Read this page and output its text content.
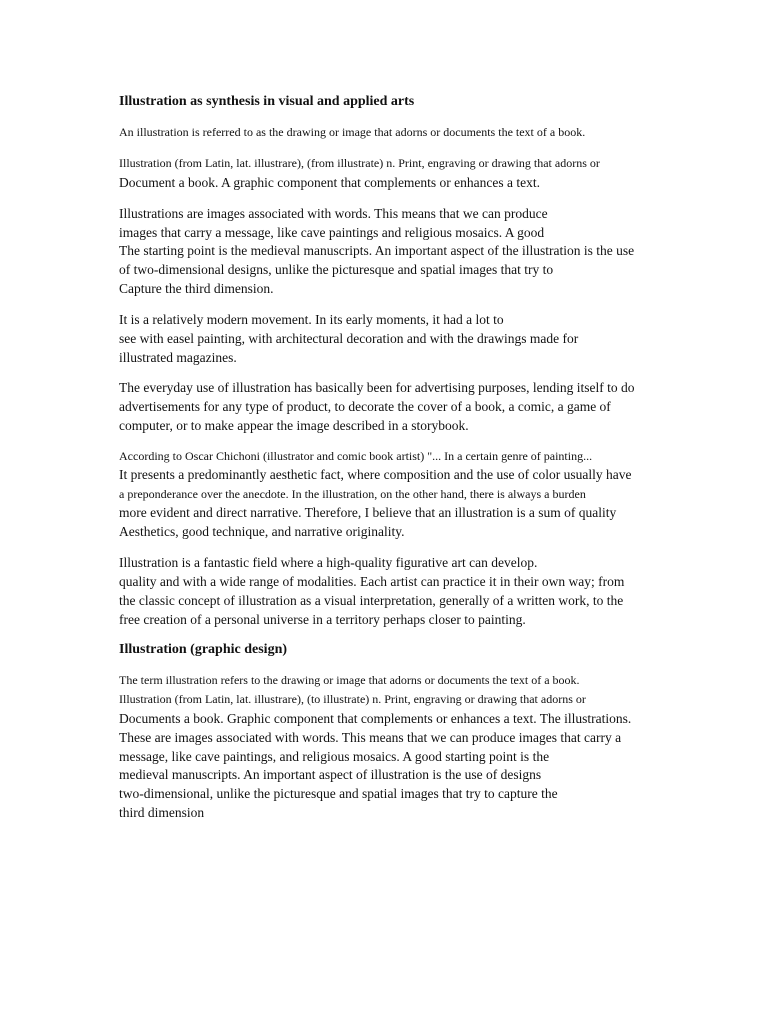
Illustration as synthesis in visual and applied arts
An illustration is referred to as the drawing or image that adorns or documents the text of a book.
Illustration (from Latin, lat. illustrare), (from illustrate) n. Print, engraving or drawing that adorns or
Document a book. A graphic component that complements or enhances a text.
Illustrations are images associated with words. This means that we can produce
images that carry a message, like cave paintings and religious mosaics. A good
The starting point is the medieval manuscripts. An important aspect of the illustration is the use
of two-dimensional designs, unlike the picturesque and spatial images that try to
Capture the third dimension.
It is a relatively modern movement. In its early moments, it had a lot to
see with easel painting, with architectural decoration and with the drawings made for
illustrated magazines.
The everyday use of illustration has basically been for advertising purposes, lending itself to do
advertisements for any type of product, to decorate the cover of a book, a comic, a game of
computer, or to make appear the image described in a storybook.
According to Oscar Chichoni (illustrator and comic book artist) "... In a certain genre of painting...
It presents a predominantly aesthetic fact, where composition and the use of color usually have
a preponderance over the anecdote. In the illustration, on the other hand, there is always a burden
more evident and direct narrative. Therefore, I believe that an illustration is a sum of quality
Aesthetics, good technique, and narrative originality.
Illustration is a fantastic field where a high-quality figurative art can develop.
quality and with a wide range of modalities. Each artist can practice it in their own way; from
the classic concept of illustration as a visual interpretation, generally of a written work, to the
free creation of a personal universe in a territory perhaps closer to painting.
Illustration (graphic design)
The term illustration refers to the drawing or image that adorns or documents the text of a book.
Illustration (from Latin, lat. illustrare), (to illustrate) n. Print, engraving or drawing that adorns or
Documents a book. Graphic component that complements or enhances a text. The illustrations.
These are images associated with words. This means that we can produce images that carry a
message, like cave paintings, and religious mosaics. A good starting point is the
medieval manuscripts. An important aspect of illustration is the use of designs
two-dimensional, unlike the picturesque and spatial images that try to capture the
third dimension
